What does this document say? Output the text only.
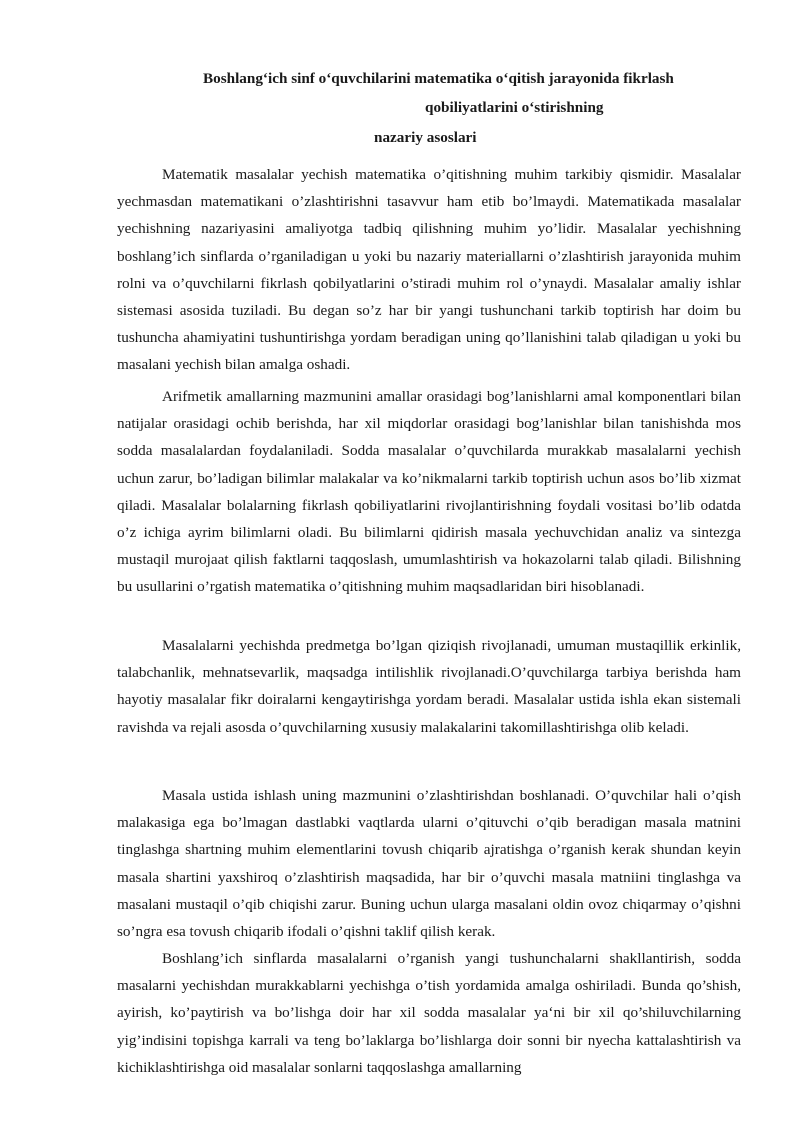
Boshlang‘ich sinf o‘quvchilarini matematika o‘qitish jarayonida fikrlash
qobiliyatlarini o‘stirishning
nazariy asoslari

Matematik masalalar yechish matematika o’qitishning muhim tarkibiy qismidir. Masalalar yechmasdan matematikani o’zlashtirishni tasavvur ham etib bo’lmaydi. Matematikada masalalar yechishning nazariyasini amaliyotga tadbiq qilishning muhim yo’lidir. Masalalar yechishning boshlang’ich sinflarda o’rganiladigan u yoki bu nazariy materiallarni o’zlashtirish jarayonida muhim rolni va o’quvchilarni fikrlash qobilyatlarini o’stiradi muhim rol o’ynaydi. Masalalar amaliy ishlar sistemasi asosida tuziladi. Bu degan so’z har bir yangi tushunchani tarkib toptirish har doim bu tushuncha ahamiyatini tushuntirishga yordam beradigan uning qo’llanishini talab qiladigan u yoki bu masalani yechish bilan amalga oshadi.

Arifmetik amallarning mazmunini amallar orasidagi bog’lanishlarni amal komponentlari bilan natijalar orasidagi ochib berishda, har xil miqdorlar orasidagi bog’lanishlar bilan tanishishda mos sodda masalalardan foydalaniladi. Sodda masalalar o’quvchilarda murakkab masalalarni yechish uchun zarur, bo’ladigan bilimlar malakalar va ko’nikmalarni tarkib toptirish uchun asos bo’lib xizmat qiladi. Masalalar bolalarning fikrlash qobiliyatlarini rivojlantirishning foydali vositasi bo’lib odatda o’z ichiga ayrim bilimlarni oladi. Bu bilimlarni qidirish masala yechuvchidan analiz va sintezga mustaqil murojaat qilish faktlarni taqqoslash, umumlashtirish va hokazolarni talab qiladi. Bilishning bu usullarini o’rgatish matematika o’qitishning muhim maqsadlaridan biri hisoblanadi.

Masalalarni yechishda predmetga bo’lgan qiziqish rivojlanadi, umuman mustaqillik erkinlik, talabchanlik, mehnatsevarlik, maqsadga intilishlik rivojlanadi.O’quvchilarga tarbiya berishda ham hayotiy masalalar fikr doiralarni kengaytirishga yordam beradi. Masalalar ustida ishla ekan sistemali ravishda va rejali asosda o’quvchilarning xususiy malakalarini takomillashtirishga olib keladi.

Masala ustida ishlash uning mazmunini o’zlashtirishdan boshlanadi. O’quvchilar hali o’qish malakasiga ega bo’lmagan dastlabki vaqtlarda ularni o’qituvchi o’qib beradigan masala matnini tinglashga shartning muhim elementlarini tovush chiqarib ajratishga o’rganish kerak shundan keyin masala shartini yaxshiroq o’zlashtirish maqsadida, har bir o’quvchi masala matniini tinglashga va masalani mustaqil o’qib chiqishi zarur. Buning uchun ularga masalani oldin ovoz chiqarmay o’qishni so’ngra esa tovush chiqarib ifodali o’qishni taklif qilish kerak.

Boshlang’ich sinflarda masalalarni o’rganish yangi tushunchalarni shakllantirish, sodda masalarni yechishdan murakkablarni yechishga o’tish yordamida amalga oshiriladi. Bunda qo’shish, ayirish, ko’paytirish va bo’lishga doir har xil sodda masalalar ya‘ni bir xil qo’shiluvchilarning yig’indisini topishga karrali va teng bo’laklarga bo’lishlarga doir sonni bir nyecha kattalashtirish va kichiklashtirishga oid masalalar sonlarni taqqoslashga amallarning
